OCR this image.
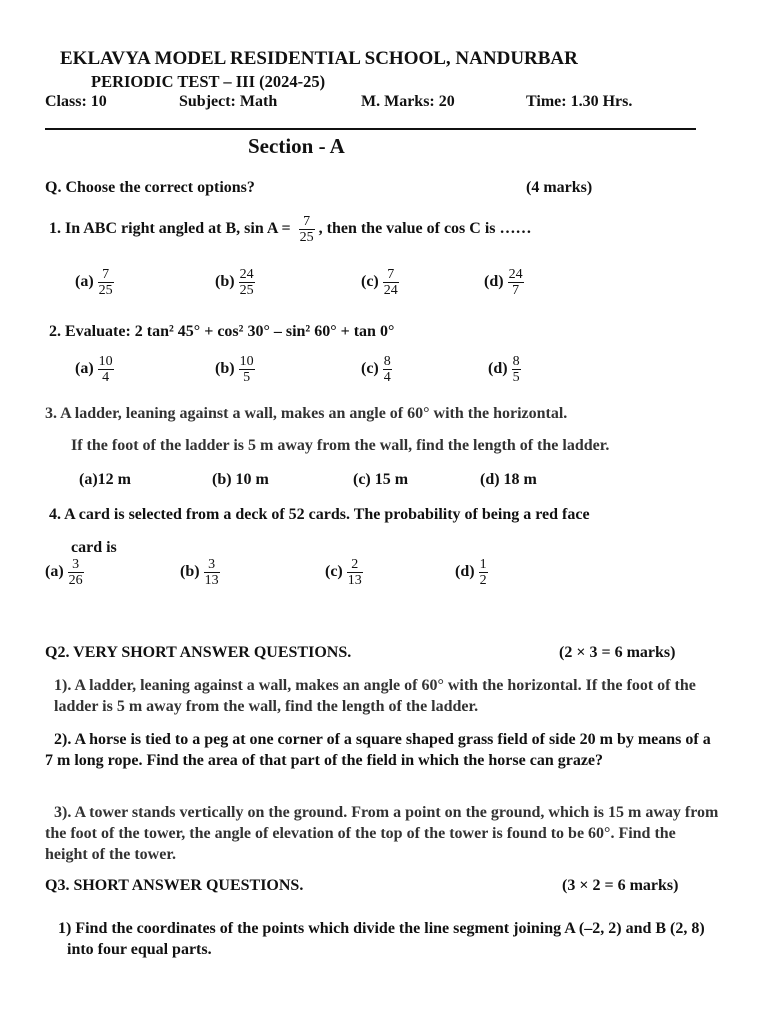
EKLAVYA MODEL RESIDENTIAL SCHOOL, NANDURBAR
PERIODIC TEST – III (2024-25)
Class: 10	Subject: Math	M. Marks: 20	Time: 1.30 Hrs.
Section - A
Q. Choose the correct options?	(4 marks)
1. In ABC right angled at B, $\sin A = \frac{7}{25}$ , then the value of cos C is ……
$(a) \frac{7}{25}$	$(b) \frac{24}{25}$	$(c) \frac{7}{24}$	$(d) \frac{24}{7}$
2. Evaluate: 2 tan² 45° + cos² 30° – sin² 60° + tan 0°
$(a) \frac{10}{4}$	$(b) \frac{10}{5}$	$(c) \frac{8}{4}$	$(d) \frac{8}{5}$
3. A ladder, leaning against a wall, makes an angle of 60° with the horizontal.
If the foot of the ladder is 5 m away from the wall, find the length of the ladder.
(a)12 m	(b) 10 m	(c) 15 m	(d) 18 m
4. A card is selected from a deck of 52 cards. The probability of being a red face
card is
$(a) \frac{3}{26}$	$(b) \frac{3}{13}$	$(c) \frac{2}{13}$	$(d) \frac{1}{2}$
Q2. VERY SHORT ANSWER QUESTIONS.	(2 × 3 = 6 marks)
1). A ladder, leaning against a wall, makes an angle of 60° with the horizontal. If the foot of the ladder is 5 m away from the wall, find the length of the ladder.
2). A horse is tied to a peg at one corner of a square shaped grass field of side 20 m by means of a 7 m long rope. Find the area of that part of the field in which the horse can graze?
3). A tower stands vertically on the ground. From a point on the ground, which is 15 m away from the foot of the tower, the angle of elevation of the top of the tower is found to be 60°. Find the height of the tower.
Q3. SHORT ANSWER QUESTIONS.	(3 × 2 = 6 marks)
1) Find the coordinates of the points which divide the line segment joining A (–2, 2) and B (2, 8) into four equal parts.
